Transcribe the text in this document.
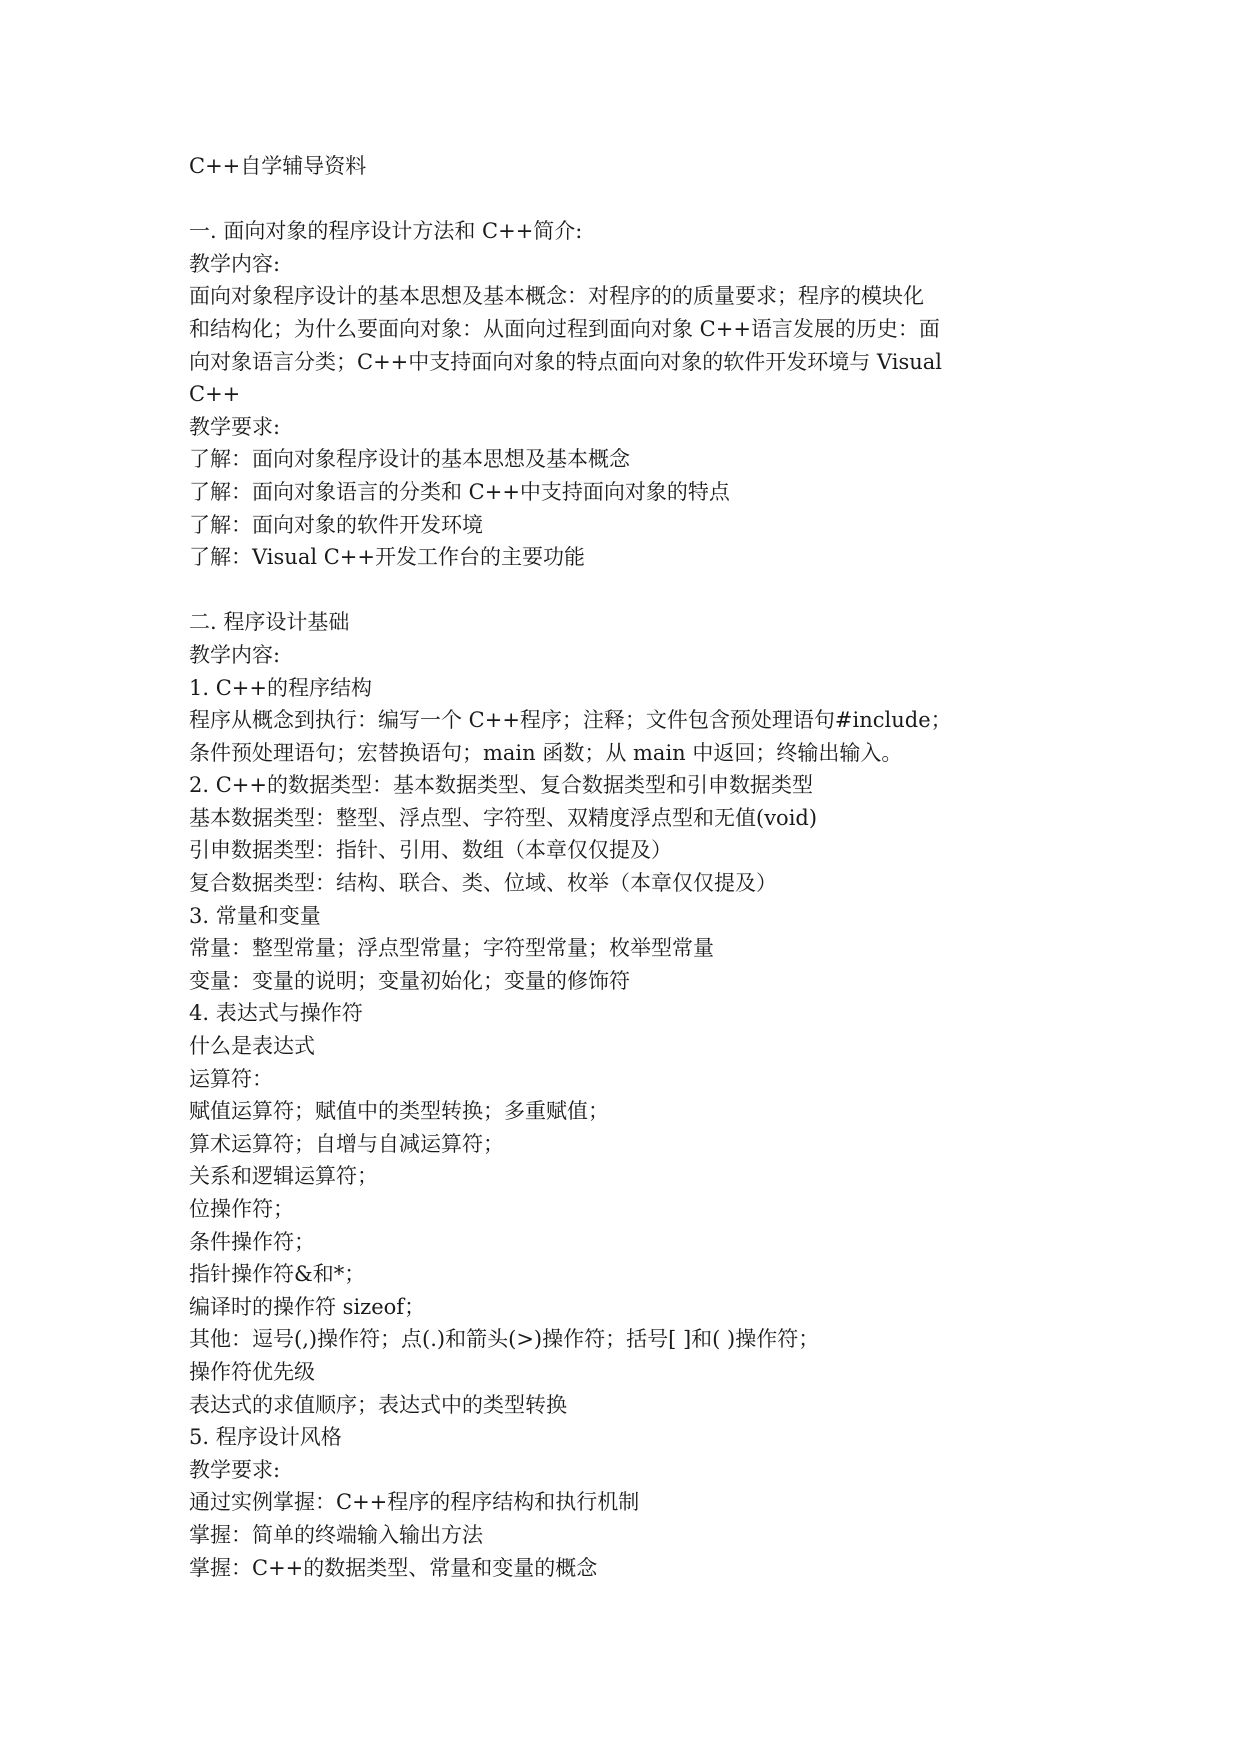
C++自学辅导资料
一. 面向对象的程序设计方法和 C++简介:
教学内容:
面向对象程序设计的基本思想及基本概念：对程序的的质量要求；程序的模块化
和结构化；为什么要面向对象：从面向过程到面向对象 C++语言发展的历史：面
向对象语言分类；C++中支持面向对象的特点面向对象的软件开发环境与 Visual
C++
教学要求:
了解：面向对象程序设计的基本思想及基本概念
了解：面向对象语言的分类和 C++中支持面向对象的特点
了解：面向对象的软件开发环境
了解：Visual C++开发工作台的主要功能
二. 程序设计基础
教学内容:
1. C++的程序结构
程序从概念到执行：编写一个 C++程序；注释；文件包含预处理语句#include；
条件预处理语句；宏替换语句；main 函数；从 main 中返回；终输出输入。
2. C++的数据类型：基本数据类型、复合数据类型和引申数据类型
基本数据类型：整型、浮点型、字符型、双精度浮点型和无值(void)
引申数据类型：指针、引用、数组（本章仅仅提及）
复合数据类型：结构、联合、类、位域、枚举（本章仅仅提及）
3. 常量和变量
常量：整型常量；浮点型常量；字符型常量；枚举型常量
变量：变量的说明；变量初始化；变量的修饰符
4. 表达式与操作符
什么是表达式
运算符：
赋值运算符；赋值中的类型转换；多重赋值；
算术运算符；自增与自减运算符；
关系和逻辑运算符；
位操作符；
条件操作符；
指针操作符&和*；
编译时的操作符 sizeof；
其他：逗号(,)操作符；点(.)和箭头(>)操作符；括号[ ]和( )操作符；
操作符优先级
表达式的求值顺序；表达式中的类型转换
5. 程序设计风格
教学要求:
通过实例掌握：C++程序的程序结构和执行机制
掌握：简单的终端输入输出方法
掌握：C++的数据类型、常量和变量的概念
